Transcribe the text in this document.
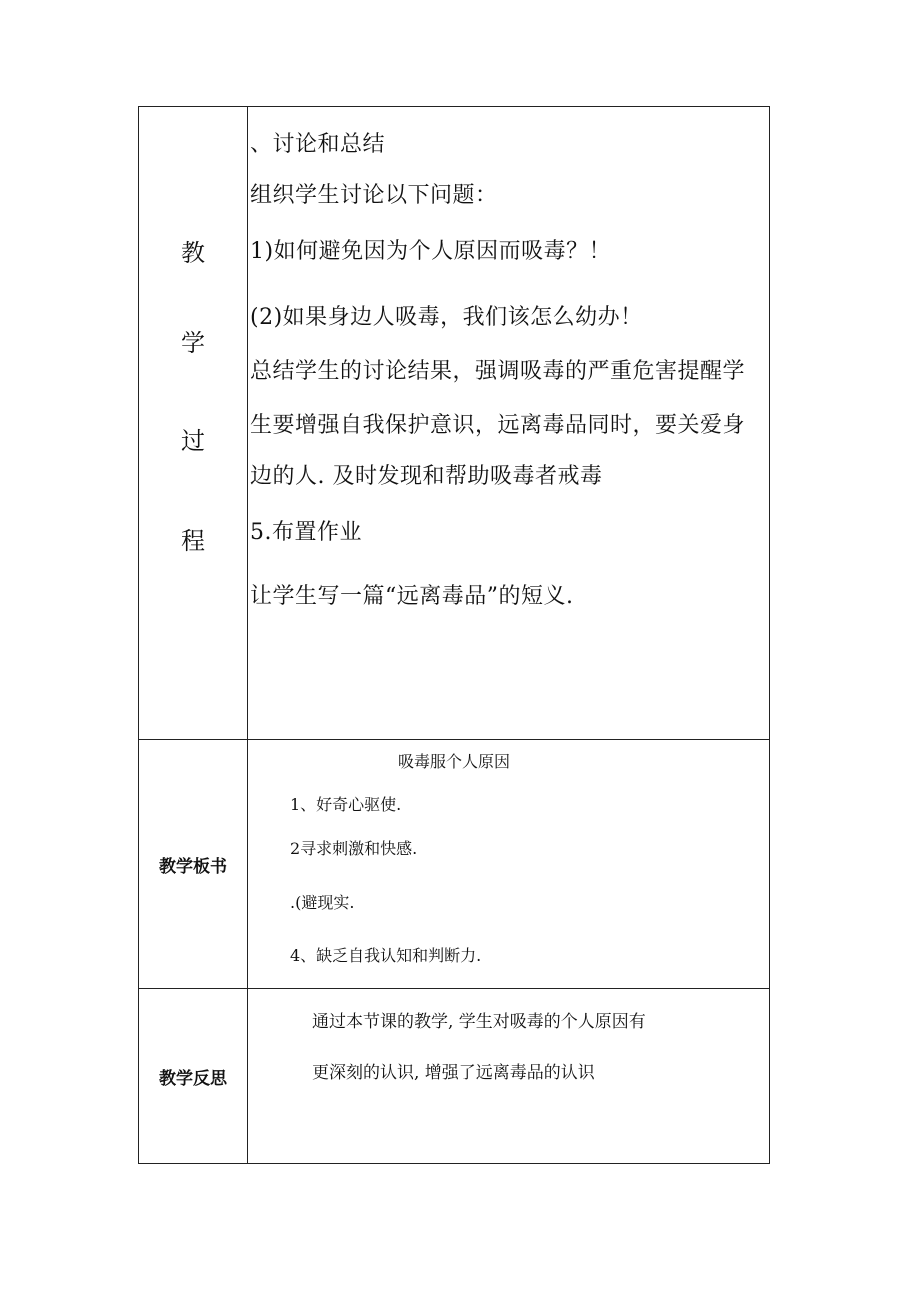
教
学
过
程
、讨论和总结
组织学生讨论以下问题：
1)如何避免因为个人原因而吸毒？！
(2)如果身边人吸毒，我们该怎么幼办！
总结学生的讨论结果，强调吸毒的严重危害提醒学
生要增强自我保护意识，远离毒品同时，要关爱身
边的人. 及时发现和帮助吸毒者戒毒
5.布置作业
让学生写一篇“远离毒品”的短义.
教学板书
吸毒服个人原因
1、好奇心驱使.
2寻求刺激和快感.
.(避现实.
4、缺乏自我认知和判断力.
教学反思
通过本节课的教学, 学生对吸毒的个人原因有
更深刻的认识, 增强了远离毒品的认识
